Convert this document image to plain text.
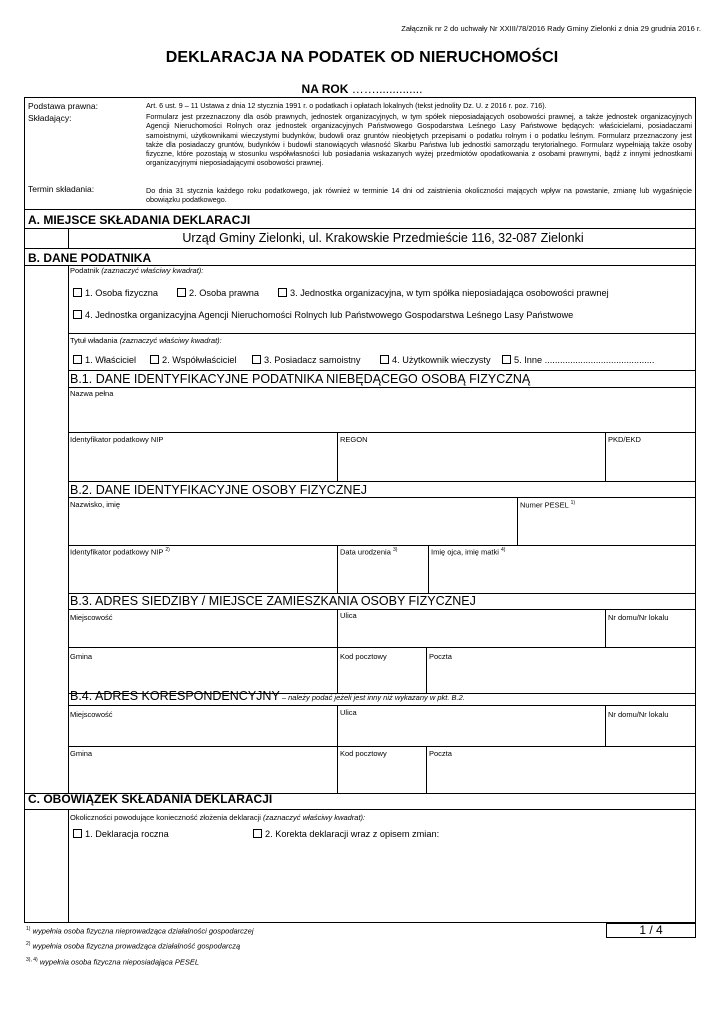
Załącznik nr 2 do uchwały Nr XXIII/78/2016 Rady Gminy Zielonki z dnia 29 grudnia 2016 r.
DEKLARACJA NA PODATEK OD NIERUCHOMOŚCI
NA ROK ……..............
Podstawa prawna:	Art. 6 ust. 9 – 11 Ustawa z dnia 12 stycznia 1991 r. o podatkach i opłatach lokalnych (tekst jednolity Dz. U. z 2016 r. poz. 716).
Składający:	Formularz jest przeznaczony dla osób prawnych, jednostek organizacyjnych, w tym spółek nieposiadających osobowości prawnej, a także jednostek organizacyjnych Agencji Nieruchomości Rolnych oraz jednostek organizacyjnych Państwowego Gospodarstwa Leśnego Lasy Państwowe będących: właścicielami, posiadaczami samoistnymi, użytkownikami wieczystymi budynków, budowli oraz gruntów nieobjętych przepisami o podatku rolnym i o podatku leśnym. Formularz przeznaczony jest także dla posiadaczy gruntów, budynków i budowli stanowiących własność Skarbu Państwa lub jednostki samorządu terytorialnego. Formularz wypełniają także osoby fizyczne, które pozostają w stosunku współwłasności lub posiadania wskazanych wyżej przedmiotów opodatkowania z osobami prawnymi, bądź z innymi jednostkami organizacyjnymi nieposiadającymi osobowości prawnej.
Termin składania:	Do dnia 31 stycznia każdego roku podatkowego, jak również w terminie 14 dni od zaistnienia okoliczności mających wpływ na powstanie, zmianę lub wygaśnięcie obowiązku podatkowego.
A. MIEJSCE SKŁADANIA DEKLARACJI
Urząd Gminy Zielonki, ul. Krakowskie Przedmieście 116, 32-087 Zielonki
B. DANE PODATNIKA
Podatnik (zaznaczyć właściwy kwadrat):
1. Osoba fizyczna	2. Osoba prawna	3. Jednostka organizacyjna, w tym spółka nieposiadająca osobowości prawnej
4. Jednostka organizacyjna Agencji Nieruchomości Rolnych lub Państwowego Gospodarstwa Leśnego Lasy Państwowe
Tytuł władania (zaznaczyć właściwy kwadrat):
1. Właściciel	2. Współwłaściciel	3. Posiadacz samoistny	4. Użytkownik wieczysty	5. Inne ...........................................
B.1. DANE IDENTYFIKACYJNE PODATNIKA NIEBĘDĄCEGO OSOBĄ FIZYCZNĄ
Nazwa pełna
Identyfikator podatkowy NIP	REGON	PKD/EKD
B.2. DANE IDENTYFIKACYJNE OSOBY FIZYCZNEJ
Nazwisko, imię	Numer PESEL $^{1)}$
Identyfikator podatkowy NIP $^{2)}$	Data urodzenia $^{3)}$	Imię ojca, imię matki $^{4)}$
B.3. ADRES SIEDZIBY / MIEJSCE ZAMIESZKANIA OSOBY FIZYCZNEJ
Miejscowość	Ulica	Nr domu/Nr lokalu
Gmina	Kod pocztowy	Poczta
B.4. ADRES KORESPONDENCYJNY – należy podać jeżeli jest inny niż wykazany w pkt. B.2.
Miejscowość	Ulica	Nr domu/Nr lokalu
Gmina	Kod pocztowy	Poczta
C. OBOWIĄZEK SKŁADANIA DEKLARACJI
Okoliczności powodujące konieczność złożenia deklaracji (zaznaczyć właściwy kwadrat):
1. Deklaracja roczna	2. Korekta deklaracji wraz z opisem zmian:
1 / 4
$^{1)}$ wypełnia osoba fizyczna nieprowadząca działalności gospodarczej
$^{2)}$ wypełnia osoba fizyczna prowadząca działalność gospodarczą
$^{3), 4)}$ wypełnia osoba fizyczna nieposiadająca PESEL
